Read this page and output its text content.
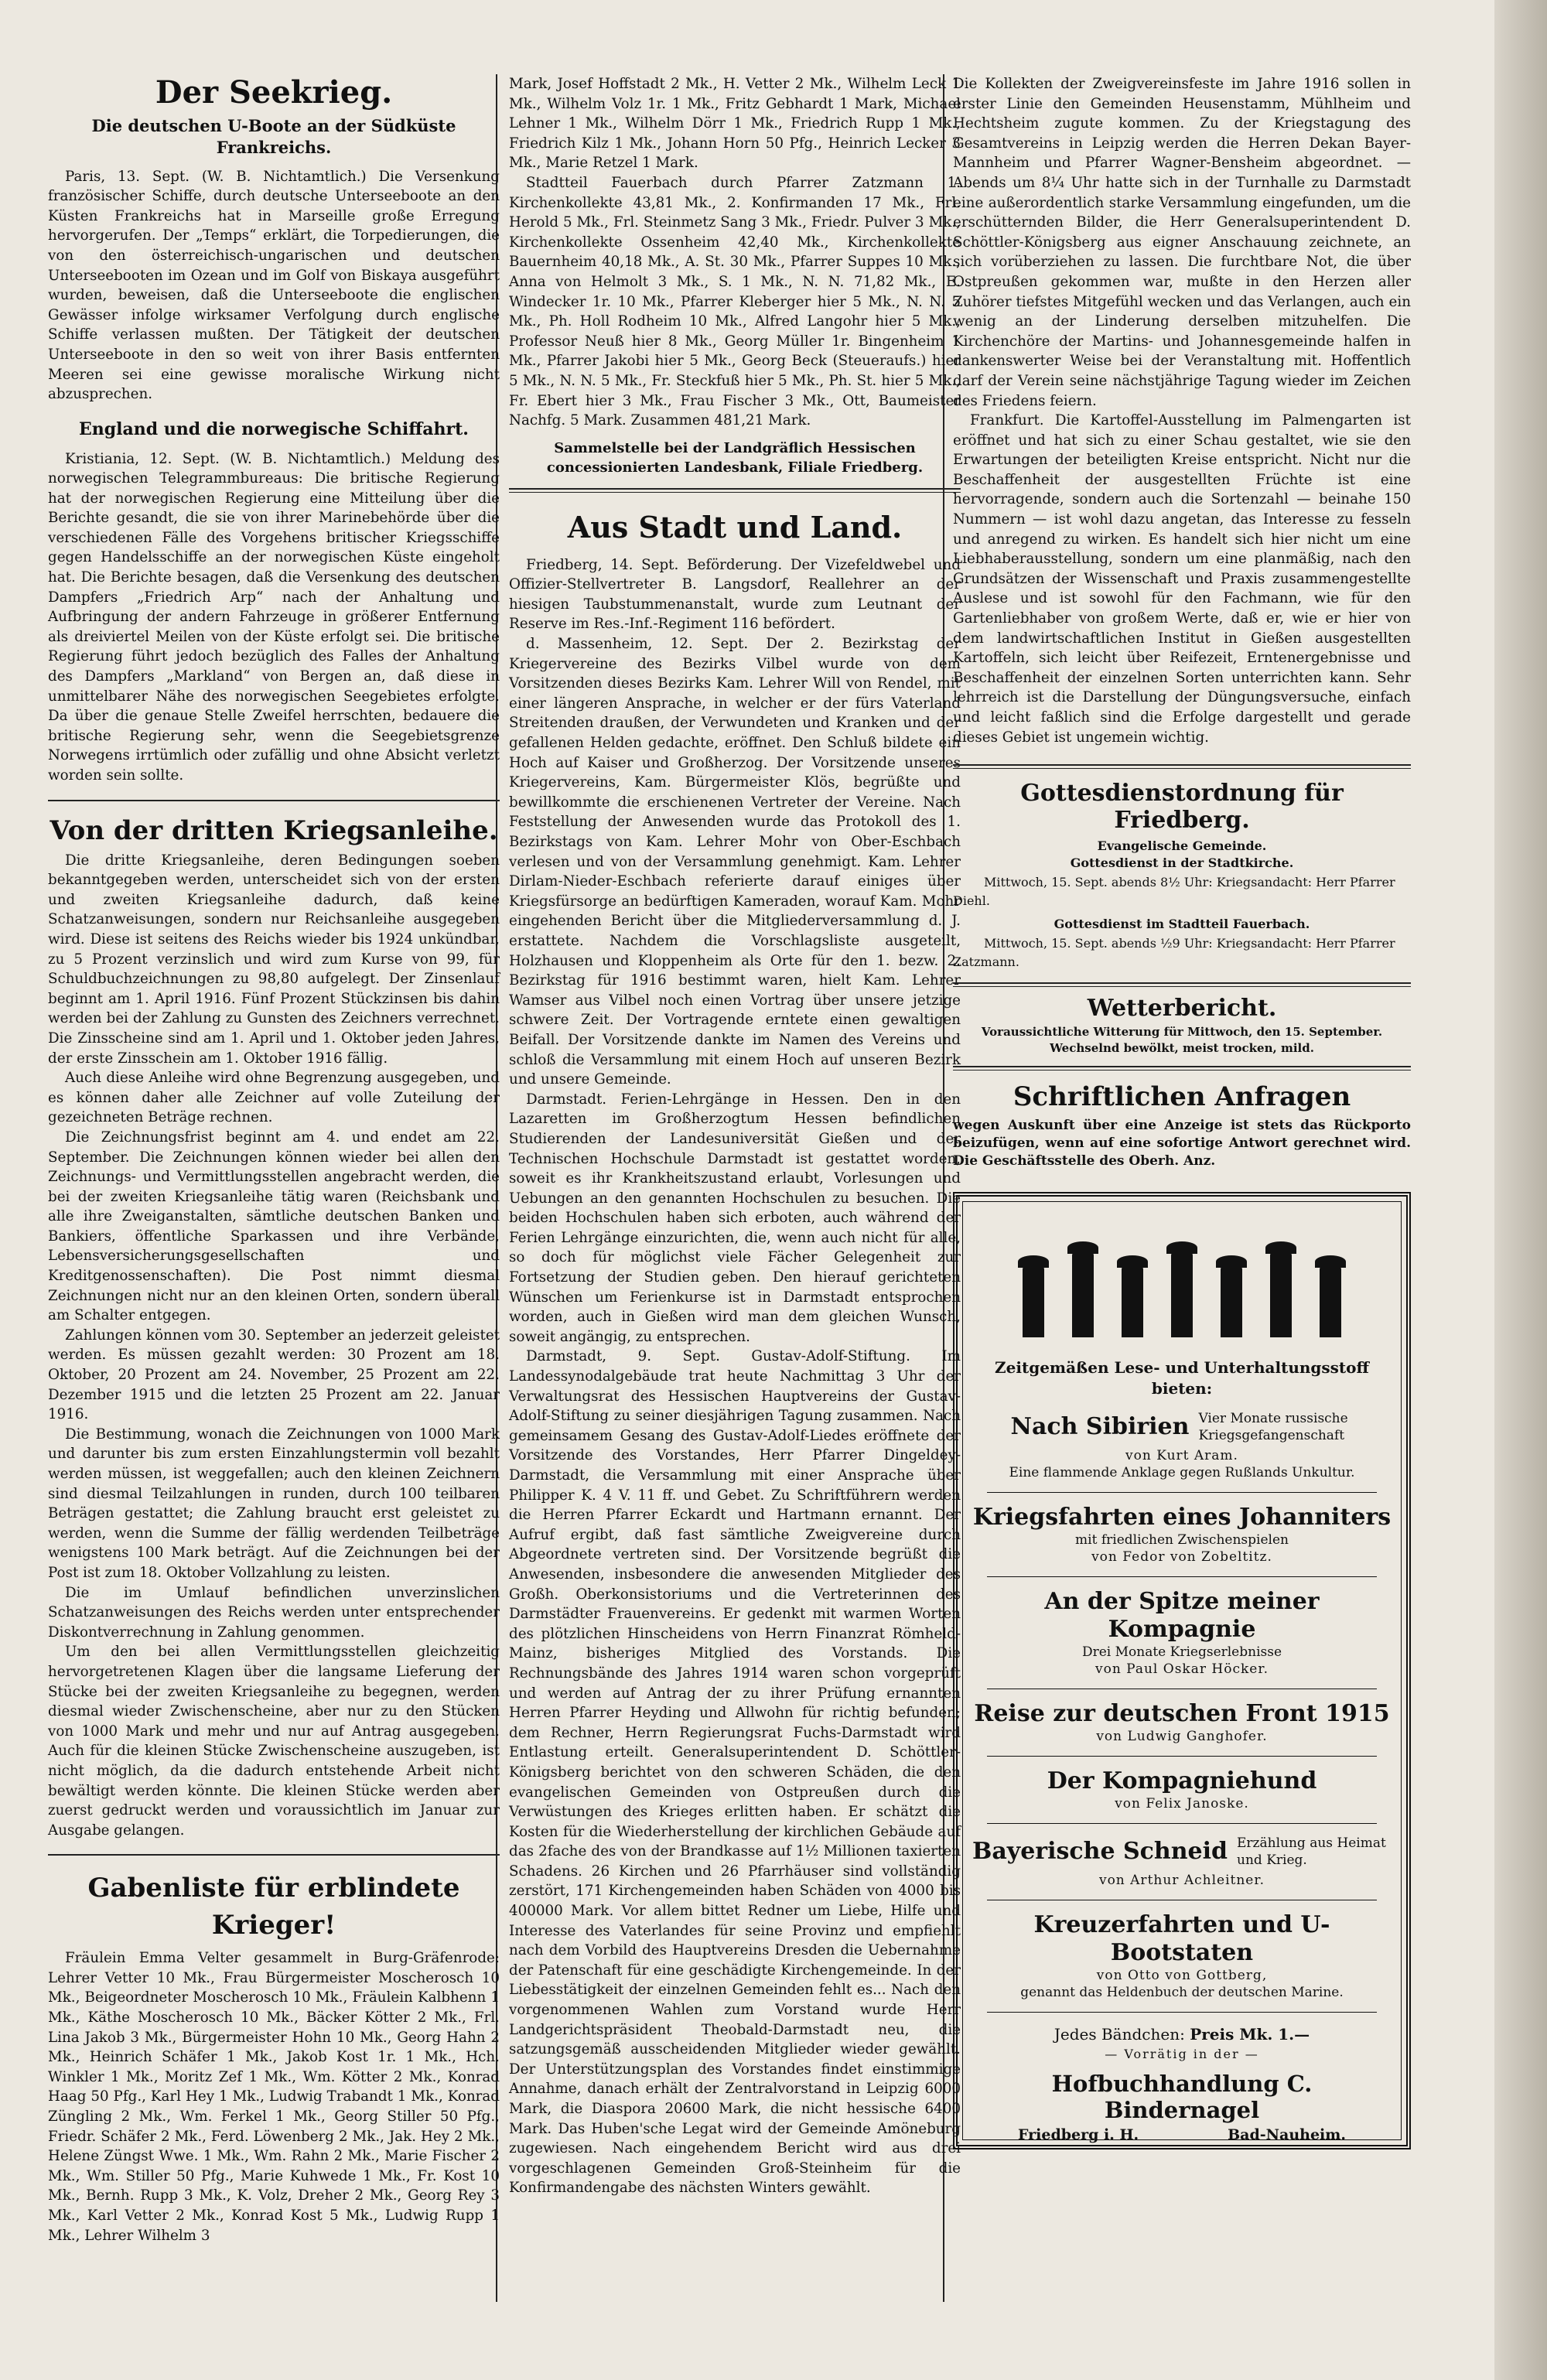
Der Seekrieg.
Die deutschen U-Boote an der Südküste
Frankreichs.

Paris, 13. Sept. (W. B. Nichtamtlich.) Die Versenkung französischer Schiffe, durch deutsche Unterseeboote an den Küsten Frankreichs hat in Marseille große Erregung hervorgerufen. Der „Temps“ erklärt, die Torpedierungen, die von den österreichisch-ungarischen und deutschen Unterseebooten im Ozean und im Golf von Biskaya ausgeführt wurden, beweisen, daß die Unterseeboote die englischen Gewässer infolge wirksamer Verfolgung durch englische Schiffe verlassen mußten. Der Tätigkeit der deutschen Unterseeboote in den so weit von ihrer Basis entfernten Meeren sei eine gewisse moralische Wirkung nicht abzusprechen.

England und die norwegische Schiffahrt.

Kristiania, 12. Sept. (W. B. Nichtamtlich.) Meldung des norwegischen Telegrammbureaus: Die britische Regierung hat der norwegischen Regierung eine Mitteilung über die Berichte gesandt, die sie von ihrer Marinebehörde über die verschiedenen Fälle des Vorgehens britischer Kriegsschiffe gegen Handelsschiffe an der norwegischen Küste eingeholt hat. Die Berichte besagen, daß die Versenkung des deutschen Dampfers „Friedrich Arp“ nach der Anhaltung und Aufbringung der andern Fahrzeuge in größerer Entfernung als dreiviertel Meilen von der Küste erfolgt sei. Die britische Regierung führt jedoch bezüglich des Falles der Anhaltung des Dampfers „Markland“ von Bergen an, daß diese in unmittelbarer Nähe des norwegischen Seegebietes erfolgte. Da über die genaue Stelle Zweifel herrschten, bedauere die britische Regierung sehr, wenn die Seegebietsgrenze Norwegens irrtümlich oder zufällig und ohne Absicht verletzt worden sein sollte.

Von der dritten Kriegsanleihe.

Die dritte Kriegsanleihe, deren Bedingungen soeben bekanntgegeben werden, unterscheidet sich von der ersten und zweiten Kriegsanleihe dadurch, daß keine Schatzanweisungen, sondern nur Reichsanleihe ausgegeben wird. Diese ist seitens des Reichs wieder bis 1924 unkündbar, zu 5 Prozent verzinslich und wird zum Kurse von 99, für Schuldbuchzeichnungen zu 98,80 aufgelegt. Der Zinsenlauf beginnt am 1. April 1916. Fünf Prozent Stückzinsen bis dahin werden bei der Zahlung zu Gunsten des Zeichners verrechnet. Die Zinsscheine sind am 1. April und 1. Oktober jeden Jahres, der erste Zinsschein am 1. Oktober 1916 fällig.

Auch diese Anleihe wird ohne Begrenzung ausgegeben, und es können daher alle Zeichner auf volle Zuteilung der gezeichneten Beträge rechnen.

Die Zeichnungsfrist beginnt am 4. und endet am 22. September. Die Zeichnungen können wieder bei allen den Zeichnungs- und Vermittlungsstellen angebracht werden, die bei der zweiten Kriegsanleihe tätig waren (Reichsbank und alle ihre Zweiganstalten, sämtliche deutschen Banken und Bankiers, öffentliche Sparkassen und ihre Verbände, Lebensversicherungsgesellschaften und Kreditgenossenschaften). Die Post nimmt diesmal Zeichnungen nicht nur an den kleinen Orten, sondern überall am Schalter entgegen.

Zahlungen können vom 30. September an jederzeit geleistet werden. Es müssen gezahlt werden: 30 Prozent am 18. Oktober, 20 Prozent am 24. November, 25 Prozent am 22. Dezember 1915 und die letzten 25 Prozent am 22. Januar 1916.

Die Bestimmung, wonach die Zeichnungen von 1000 Mark und darunter bis zum ersten Einzahlungstermin voll bezahlt werden müssen, ist weggefallen; auch den kleinen Zeichnern sind diesmal Teilzahlungen in runden, durch 100 teilbaren Beträgen gestattet; die Zahlung braucht erst geleistet zu werden, wenn die Summe der fällig werdenden Teilbeträge wenigstens 100 Mark beträgt. Auf die Zeichnungen bei der Post ist zum 18. Oktober Vollzahlung zu leisten.

Die im Umlauf befindlichen unverzinslichen Schatzanweisungen des Reichs werden unter entsprechender Diskontverrechnung in Zahlung genommen.

Um den bei allen Vermittlungsstellen gleichzeitig hervorgetretenen Klagen über die langsame Lieferung der Stücke bei der zweiten Kriegsanleihe zu begegnen, werden diesmal wieder Zwischenscheine, aber nur zu den Stücken von 1000 Mark und mehr und nur auf Antrag ausgegeben. Auch für die kleinen Stücke Zwischenscheine auszugeben, ist nicht möglich, da die dadurch entstehende Arbeit nicht bewältigt werden könnte. Die kleinen Stücke werden aber zuerst gedruckt werden und voraussichtlich im Januar zur Ausgabe gelangen.

Gabenliste für erblindete Krieger!

Fräulein Emma Velter gesammelt in Burg-Gräfenrode: Lehrer Vetter 10 Mk., Frau Bürgermeister Moscherosch 10 Mk., Beigeordneter Moscherosch 10 Mk., Fräulein Kalbhenn 1 Mk., Käthe Moscherosch 10 Mk., Bäcker Kötter 2 Mk., Frl. Lina Jakob 3 Mk., Bürgermeister Hohn 10 Mk., Georg Hahn 2 Mk., Heinrich Schäfer 1 Mk., Jakob Kost 1r. 1 Mk., Hch. Winkler 1 Mk., Moritz Zef 1 Mk., Wm. Kötter 2 Mk., Konrad Haag 50 Pfg., Karl Hey 1 Mk., Ludwig Trabandt 1 Mk., Konrad Züngling 2 Mk., Wm. Ferkel 1 Mk., Georg Stiller 50 Pfg., Friedr. Schäfer 2 Mk., Ferd. Löwenberg 2 Mk., Jak. Hey 2 Mk., Helene Züngst Wwe. 1 Mk., Wm. Rahn 2 Mk., Marie Fischer 2 Mk., Wm. Stiller 50 Pfg., Marie Kuhwede 1 Mk., Fr. Kost 10 Mk., Bernh. Rupp 3 Mk., K. Volz, Dreher 2 Mk., Georg Rey 3 Mk., Karl Vetter 2 Mk., Konrad Kost 5 Mk., Ludwig Rupp 1 Mk., Lehrer Wilhelm 3

Mark, Josef Hoffstadt 2 Mk., H. Vetter 2 Mk., Wilhelm Leck 1 Mk., Wilhelm Volz 1r. 1 Mk., Fritz Gebhardt 1 Mark, Michael Lehner 1 Mk., Wilhelm Dörr 1 Mk., Friedrich Rupp 1 Mk., Friedrich Kilz 1 Mk., Johann Horn 50 Pfg., Heinrich Lecker 3 Mk., Marie Retzel 1 Mark.

Stadtteil Fauerbach durch Pfarrer Zatzmann 1. Kirchenkollekte 43,81 Mk., 2. Konfirmanden 17 Mk., Frl. Herold 5 Mk., Frl. Steinmetz Sang 3 Mk., Friedr. Pulver 3 Mk., Kirchenkollekte Ossenheim 42,40 Mk., Kirchenkollekte Bauernheim 40,18 Mk., A. St. 30 Mk., Pfarrer Suppes 10 Mk., Anna von Helmolt 3 Mk., S. 1 Mk., N. N. 71,82 Mk., E. Windecker 1r. 10 Mk., Pfarrer Kleberger hier 5 Mk., N. N. 5 Mk., Ph. Holl Rodheim 10 Mk., Alfred Langohr hier 5 Mk., Professor Neuß hier 8 Mk., Georg Müller 1r. Bingenheim 1 Mk., Pfarrer Jakobi hier 5 Mk., Georg Beck (Steueraufs.) hier 5 Mk., N. N. 5 Mk., Fr. Steckfuß hier 5 Mk., Ph. St. hier 5 Mk., Fr. Ebert hier 3 Mk., Frau Fischer 3 Mk., Ott, Baumeister Nachfg. 5 Mark. Zusammen 481,21 Mark.

Sammelstelle bei der Landgräflich Hessischen concessionierten Landesbank, Filiale Friedberg.
Aus Stadt und Land.

Friedberg, 14. Sept. Beförderung. Der Vizefeldwebel und Offizier-Stellvertreter B. Langsdorf, Reallehrer an der hiesigen Taubstummenanstalt, wurde zum Leutnant der Reserve im Res.-Inf.-Regiment 116 befördert.

d. Massenheim, 12. Sept. Der 2. Bezirkstag der Kriegervereine des Bezirks Vilbel wurde von dem Vorsitzenden dieses Bezirks Kam. Lehrer Will von Rendel, mit einer längeren Ansprache, in welcher er der fürs Vaterland Streitenden draußen, der Verwundeten und Kranken und der gefallenen Helden gedachte, eröffnet. Den Schluß bildete ein Hoch auf Kaiser und Großherzog. Der Vorsitzende unseres Kriegervereins, Kam. Bürgermeister Klös, begrüßte und bewillkommte die erschienenen Vertreter der Vereine. Nach Feststellung der Anwesenden wurde das Protokoll des 1. Bezirkstags von Kam. Lehrer Mohr von Ober-Eschbach verlesen und von der Versammlung genehmigt. Kam. Lehrer Dirlam-Nieder-Eschbach referierte darauf einiges über Kriegsfürsorge an bedürftigen Kameraden, worauf Kam. Mohr eingehenden Bericht über die Mitgliederversammlung d. J. erstattete. Nachdem die Vorschlagsliste ausgeteilt, Holzhausen und Kloppenheim als Orte für den 1. bezw. 2. Bezirkstag für 1916 bestimmt waren, hielt Kam. Lehrer Wamser aus Vilbel noch einen Vortrag über unsere jetzige schwere Zeit. Der Vortragende erntete einen gewaltigen Beifall. Der Vorsitzende dankte im Namen des Vereins und schloß die Versammlung mit einem Hoch auf unseren Bezirk und unsere Gemeinde.

Darmstadt. Ferien-Lehrgänge in Hessen. Den in den Lazaretten im Großherzogtum Hessen befindlichen Studierenden der Landesuniversität Gießen und der Technischen Hochschule Darmstadt ist gestattet worden, soweit es ihr Krankheitszustand erlaubt, Vorlesungen und Uebungen an den genannten Hochschulen zu besuchen. Die beiden Hochschulen haben sich erboten, auch während der Ferien Lehrgänge einzurichten, die, wenn auch nicht für alle, so doch für möglichst viele Fächer Gelegenheit zur Fortsetzung der Studien geben. Den hierauf gerichteten Wünschen um Ferienkurse ist in Darmstadt entsprochen worden, auch in Gießen wird man dem gleichen Wunsch, soweit angängig, zu entsprechen.

Darmstadt, 9. Sept. Gustav-Adolf-Stiftung. Im Landessynodalgebäude trat heute Nachmittag 3 Uhr der Verwaltungsrat des Hessischen Hauptvereins der Gustav-Adolf-Stiftung zu seiner diesjährigen Tagung zusammen. Nach gemeinsamem Gesang des Gustav-Adolf-Liedes eröffnete der Vorsitzende des Vorstandes, Herr Pfarrer Dingeldey-Darmstadt, die Versammlung mit einer Ansprache über Philipper K. 4 V. 11 ff. und Gebet. Zu Schriftführern werden die Herren Pfarrer Eckardt und Hartmann ernannt. Der Aufruf ergibt, daß fast sämtliche Zweigvereine durch Abgeordnete vertreten sind. Der Vorsitzende begrüßt die Anwesenden, insbesondere die anwesenden Mitglieder des Großh. Oberkonsistoriums und die Vertreterinnen des Darmstädter Frauenvereins. Er gedenkt mit warmen Worten des plötzlichen Hinscheidens von Herrn Finanzrat Römheld-Mainz, bisheriges Mitglied des Vorstands. Die Rechnungsbände des Jahres 1914 waren schon vorgeprüft und werden auf Antrag der zu ihrer Prüfung ernannten Herren Pfarrer Heyding und Allwohn für richtig befunden; dem Rechner, Herrn Regierungsrat Fuchs-Darmstadt wird Entlastung erteilt. Generalsuperintendent D. Schöttler-Königsberg berichtet von den schweren Schäden, die den evangelischen Gemeinden von Ostpreußen durch die Verwüstungen des Krieges erlitten haben. Er schätzt die Kosten für die Wiederherstellung der kirchlichen Gebäude auf das 2fache des von der Brandkasse auf 1½ Millionen taxierten Schadens. 26 Kirchen und 26 Pfarrhäuser sind vollständig zerstört, 171 Kirchengemeinden haben Schäden von 4000 bis 400000 Mark. Vor allem bittet Redner um Liebe, Hilfe und Interesse des Vaterlandes für seine Provinz und empfiehlt nach dem Vorbild des Hauptvereins Dresden die Uebernahme der Patenschaft für eine geschädigte Kirchengemeinde. In der Liebesstätigkeit der einzelnen Gemeinden fehlt es... Nach den vorgenommenen Wahlen zum Vorstand wurde Herr Landgerichtspräsident Theobald-Darmstadt neu, die satzungsgemäß ausscheidenden Mitglieder wieder gewählt. Der Unterstützungsplan des Vorstandes findet einstimmige Annahme, danach erhält der Zentralvorstand in Leipzig 6000 Mark, die Diaspora 20600 Mark, die nicht hessische 6400 Mark. Das Huben'sche Legat wird der Gemeinde Amöneburg zugewiesen. Nach eingehendem Bericht wird aus drei vorgeschlagenen Gemeinden Groß-Steinheim für die Konfirmandengabe des nächsten Winters gewählt.

Die Kollekten der Zweigvereinsfeste im Jahre 1916 sollen in erster Linie den Gemeinden Heusenstamm, Mühlheim und Hechtsheim zugute kommen. Zu der Kriegstagung des Gesamtvereins in Leipzig werden die Herren Dekan Bayer-Mannheim und Pfarrer Wagner-Bensheim abgeordnet. — Abends um 8¼ Uhr hatte sich in der Turnhalle zu Darmstadt eine außerordentlich starke Versammlung eingefunden, um die erschütternden Bilder, die Herr Generalsuperintendent D. Schöttler-Königsberg aus eigner Anschauung zeichnete, an sich vorüberziehen zu lassen. Die furchtbare Not, die über Ostpreußen gekommen war, mußte in den Herzen aller Zuhörer tiefstes Mitgefühl wecken und das Verlangen, auch ein wenig an der Linderung derselben mitzuhelfen. Die Kirchenchöre der Martins- und Johannesgemeinde halfen in dankenswerter Weise bei der Veranstaltung mit. Hoffentlich darf der Verein seine nächstjährige Tagung wieder im Zeichen des Friedens feiern.

Frankfurt. Die Kartoffel-Ausstellung im Palmengarten ist eröffnet und hat sich zu einer Schau gestaltet, wie sie den Erwartungen der beteiligten Kreise entspricht. Nicht nur die Beschaffenheit der ausgestellten Früchte ist eine hervorragende, sondern auch die Sortenzahl — beinahe 150 Nummern — ist wohl dazu angetan, das Interesse zu fesseln und anregend zu wirken. Es handelt sich hier nicht um eine Liebhaberausstellung, sondern um eine planmäßig, nach den Grundsätzen der Wissenschaft und Praxis zusammengestellte Auslese und ist sowohl für den Fachmann, wie für den Gartenliebhaber von großem Werte, daß er, wie er hier von dem landwirtschaftlichen Institut in Gießen ausgestellten Kartoffeln, sich leicht über Reifezeit, Erntenergebnisse und Beschaffenheit der einzelnen Sorten unterrichten kann. Sehr lehrreich ist die Darstellung der Düngungsversuche, einfach und leicht faßlich sind die Erfolge dargestellt und gerade dieses Gebiet ist ungemein wichtig.

Gottesdienstordnung für Friedberg.
Evangelische Gemeinde.
Gottesdienst in der Stadtkirche.
Mittwoch, 15. Sept. abends 8½ Uhr: Kriegsandacht: Herr Pfarrer Diehl.
Gottesdienst im Stadtteil Fauerbach.
Mittwoch, 15. Sept. abends ½9 Uhr: Kriegsandacht: Herr Pfarrer Zatzmann.
Wetterbericht.

Voraussichtliche Witterung für Mittwoch, den 15. September.

Wechselnd bewölkt, meist trocken, mild.

Schriftlichen Anfragen

wegen Auskunft über eine Anzeige ist stets das Rückporto beizufügen, wenn auf eine sofortige Antwort gerechnet wird. Die Geschäftsstelle des Oberh. Anz.

Zeitgemäßen Lese- und Unterhaltungsstoff
bieten:
Nach Sibirien Vier Monate russische Kriegsgefangenschaft
von Kurt Aram.
Eine flammende Anklage gegen Rußlands Unkultur.
Kriegsfahrten eines Johanniters
mit friedlichen Zwischenspielen
von Fedor von Zobeltitz.
An der Spitze meiner Kompagnie
Drei Monate Kriegserlebnisse
von Paul Oskar Höcker.
Reise zur deutschen Front 1915
von Ludwig Ganghofer.
Der Kompagniehund
von Felix Janoske.
Bayerische Schneid Erzählung aus Heimat und Krieg.
von Arthur Achleitner.
Kreuzerfahrten und U-Bootstaten
von Otto von Gottberg,
genannt das Heldenbuch der deutschen Marine.
Jedes Bändchen: Preis Mk. 1.—
— Vorrätig in der —
Hofbuchhandlung C. Bindernagel
Friedberg i. H.	Bad-Nauheim.
